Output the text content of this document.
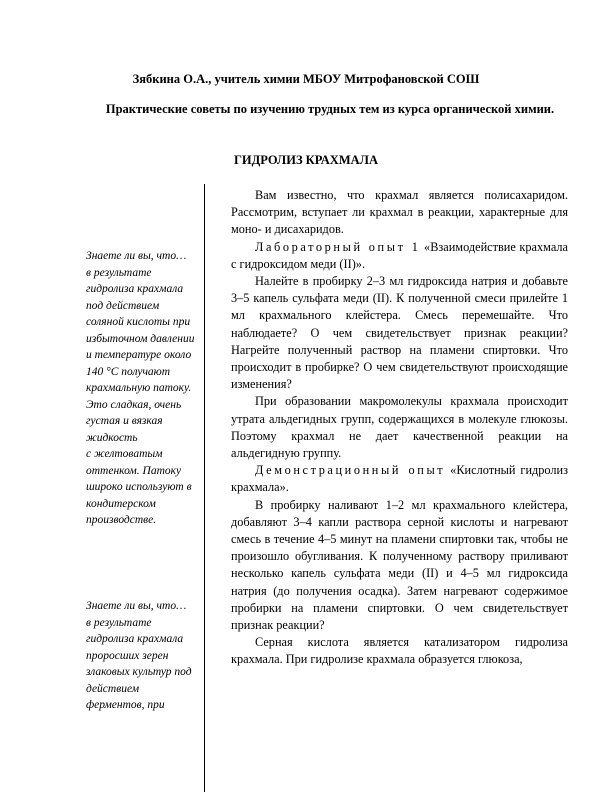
Зябкина О.А., учитель химии МБОУ Митрофановской СОШ
Практические советы по изучению трудных тем из курса органической химии.
ГИДРОЛИЗ КРАХМАЛА
Знаете ли вы, что…
в результате
гидролиза крахмала
под действием
соляной кислоты при
избыточном давлении
и температуре около
140 °С получают
крахмальную патоку.
Это сладкая, очень
густая и вязкая
жидкость
с желтоватым
оттенком. Патоку
широко используют в
кондитерском
производстве.
Знаете ли вы, что…
в результате
гидролиза крахмала
проросших зерен
злаковых культур под
действием
ферментов, при

Вам известно, что крахмал является полисахаридом. Рассмотрим, вступает ли крахмал в реакции, характерные для моно- и дисахаридов.

Лабораторный опыт 1 «Взаимодействие крахмала с гидроксидом меди (II)».

Налейте в пробирку 2–3 мл гидроксида натрия и добавьте 3–5 капель сульфата меди (II). К полученной смеси прилейте 1 мл крахмального клейстера. Смесь перемешайте. Что наблюдаете? О чем свидетельствует признак реакции? Нагрейте полученный раствор на пламени спиртовки. Что происходит в пробирке? О чем свидетельствуют происходящие изменения?

При образовании макромолекулы крахмала происходит утрата альдегидных групп, содержащихся в молекуле глюкозы. Поэтому крахмал не дает качественной реакции на альдегидную группу.

Демонстрационный опыт «Кислотный гидролиз крахмала».

В пробирку наливают 1–2 мл крахмального клейстера, добавляют 3–4 капли раствора серной кислоты и нагревают смесь в течение 4–5 минут на пламени спиртовки так, чтобы не произошло обугливания. К полученному раствору приливают несколько капель сульфата меди (II) и 4–5 мл гидроксида натрия (до получения осадка). Затем нагревают содержимое пробирки на пламени спиртовки. О чем свидетельствует признак реакции?

Серная кислота является катализатором гидролиза крахмала. При гидролизе крахмала образуется глюкоза,
